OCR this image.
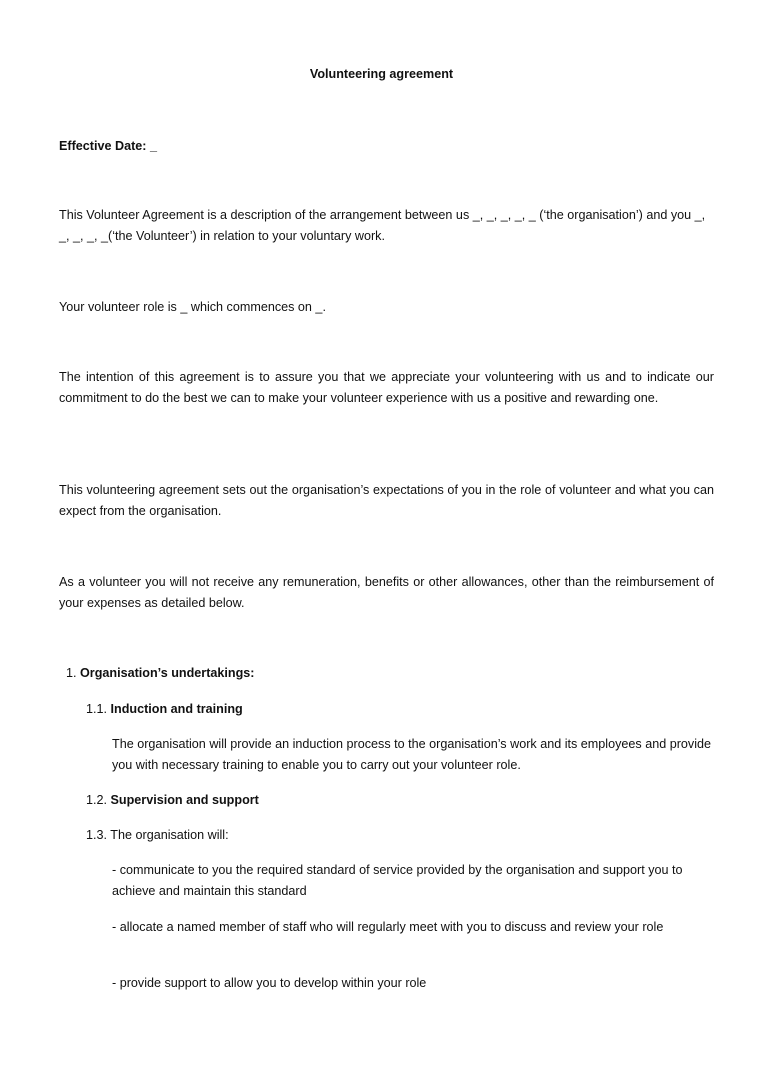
Volunteering agreement
Effective Date: _
This Volunteer Agreement is a description of the arrangement between us _, _, _, _, _ (‘the organisation’) and you _, _, _, _, _(‘the Volunteer’) in relation to your voluntary work.
Your volunteer role is _ which commences on _.
The intention of this agreement is to assure you that we appreciate your volunteering with us and to indicate our commitment to do the best we can to make your volunteer experience with us a positive and rewarding one.
This volunteering agreement sets out the organisation’s expectations of you in the role of volunteer and what you can expect from the organisation.
As a volunteer you will not receive any remuneration, benefits or other allowances, other than the reimbursement of your expenses as detailed below.
1. Organisation’s undertakings:
1.1. Induction and training
The organisation will provide an induction process to the organisation’s work and its employees and provide you with necessary training to enable you to carry out your volunteer role.
1.2. Supervision and support
1.3. The organisation will:
- communicate to you the required standard of service provided by the organisation and support you to achieve and maintain this standard
- allocate a named member of staff who will regularly meet with you to discuss and review your role
- provide support to allow you to develop within your role
